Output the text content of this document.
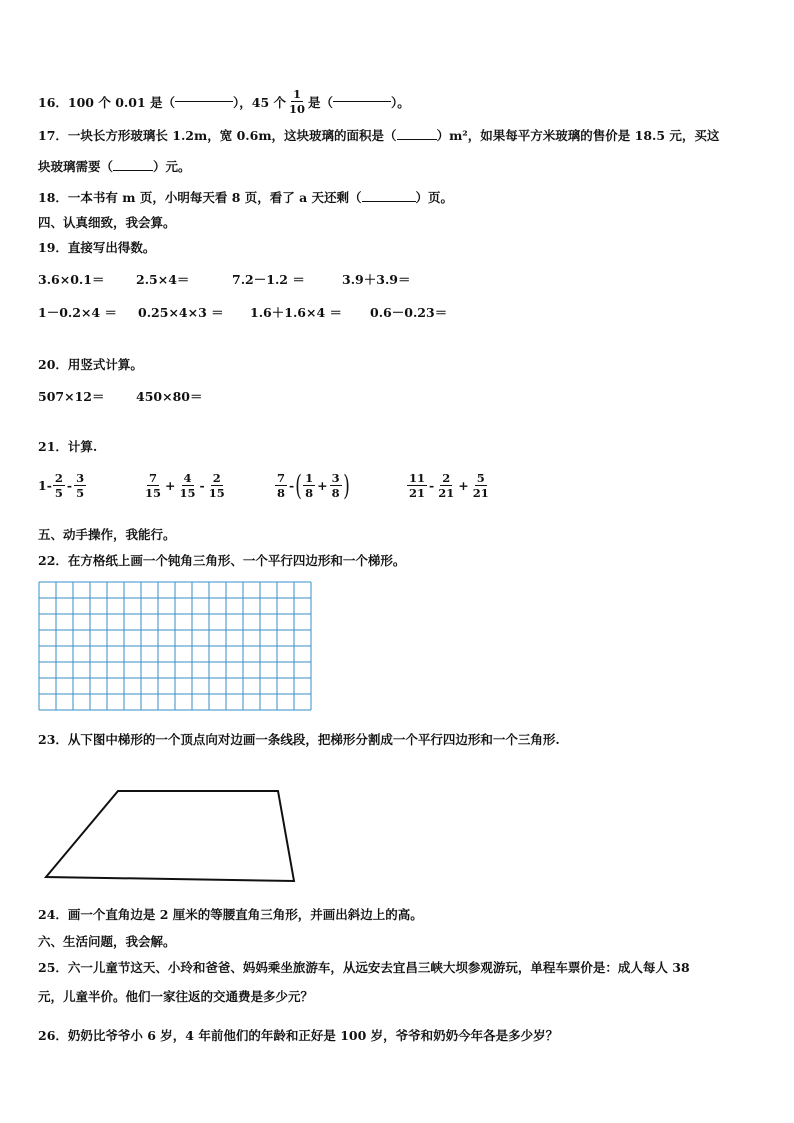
16． 100 个 0.01 是（	），45 个 $\frac{1}{10}$ 是（	）。
17．一块长方形玻璃长 1.2m，宽 0.6m，这块玻璃的面积是（	）m²，如果每平方米玻璃的售价是 18.5 元，买这
块玻璃需要（	）元。
18．一本书有 m 页，小明每天看 8 页，看了 a 天还剩（	）页。
四、认真细致，我会算。
19．直接写出得数。
3.6×0.1＝	2.5×4＝	7.2－1.2 ＝	3.9＋3.9＝
1－0.2×4 ＝ 0.25×4×3 ＝ 1.6＋1.6×4 ＝ 0.6－0.23＝
20．用竖式计算。
507×12＝	450×80＝
21．计算.
$1- \frac{2}{5} - \frac{3}{5}$	$\frac{7}{15} + \frac{4}{15} - \frac{2}{15}$	$\frac{7}{8}$ - ( $\frac{1}{8} + \frac{3}{8}$ )	$\frac{11}{21} - \frac{2}{21} + \frac{5}{21}$
五、动手操作，我能行。
22．在方格纸上画一个钝角三角形、一个平行四边形和一个梯形。
23．从下图中梯形的一个顶点向对边画一条线段，把梯形分割成一个平行四边形和一个三角形.
24．画一个直角边是 2 厘米的等腰直角三角形，并画出斜边上的高。
六、生活问题，我会解。
25．六一儿童节这天、小玲和爸爸、妈妈乘坐旅游车，从远安去宜昌三峡大坝参观游玩，单程车票价是：成人每人 38
元，儿童半价。他们一家往返的交通费是多少元？
26．奶奶比爷爷小 6 岁，4 年前他们的年龄和正好是 100 岁，爷爷和奶奶今年各是多少岁？
